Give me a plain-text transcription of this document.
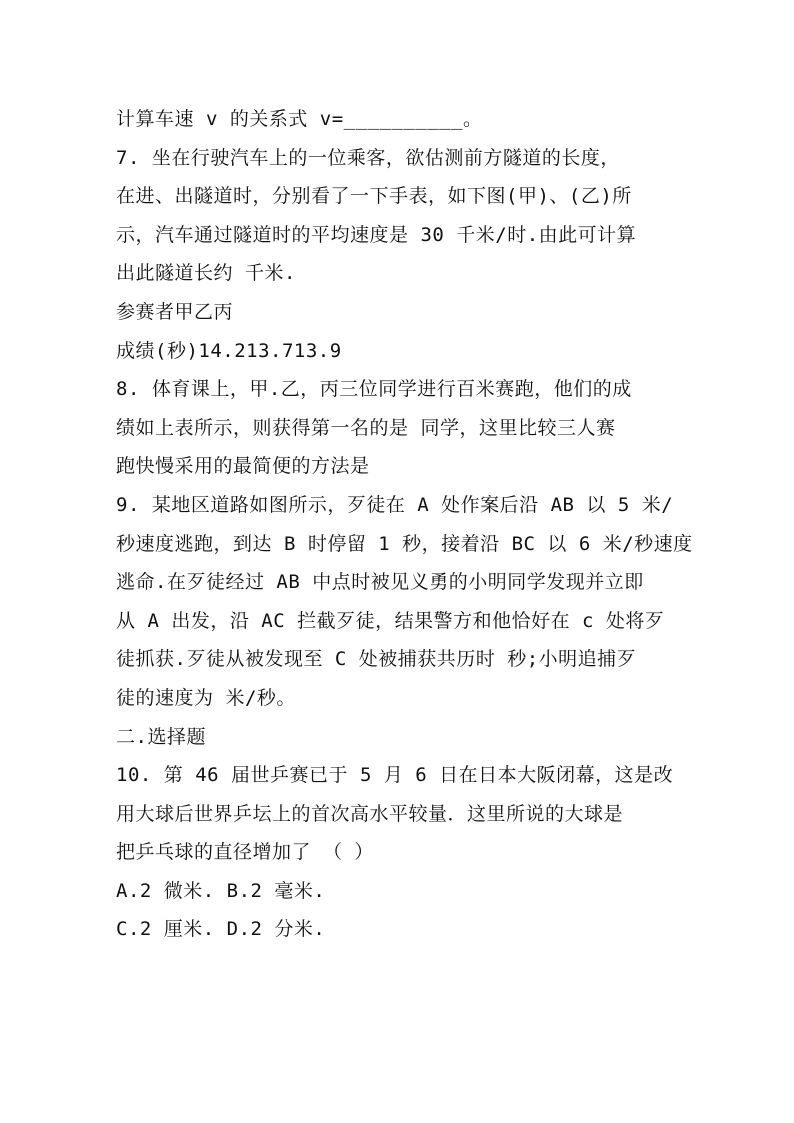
计算车速 v 的关系式 v=__________。
7. 坐在行驶汽车上的一位乘客，欲估测前方隧道的长度，
在进、出隧道时，分别看了一下手表，如下图(甲)、(乙)所
示，汽车通过隧道时的平均速度是 30 千米/时.由此可计算
出此隧道长约 千米.
参赛者甲乙丙
成绩(秒)14.213.713.9
8. 体育课上，甲.乙，丙三位同学进行百米赛跑，他们的成
绩如上表所示，则获得第一名的是 同学，这里比较三人赛
跑快慢采用的最简便的方法是
9. 某地区道路如图所示，歹徒在 A 处作案后沿 AB 以 5 米/
秒速度逃跑，到达 B 时停留 1 秒，接着沿 BC 以 6 米/秒速度
逃命.在歹徒经过 AB 中点时被见义勇的小明同学发现并立即
从 A 出发，沿 AC 拦截歹徒，结果警方和他恰好在 c 处将歹
徒抓获.歹徒从被发现至 C 处被捕获共历时 秒;小明追捕歹
徒的速度为 米/秒。
二.选择题
10. 第 46 届世乒赛已于 5 月 6 日在日本大阪闭幕，这是改
用大球后世界乒坛上的首次高水平较量．这里所说的大球是
把乒乓球的直径增加了 （ ）
A.2 微米. B.2 毫米.
C.2 厘米. D.2 分米.
